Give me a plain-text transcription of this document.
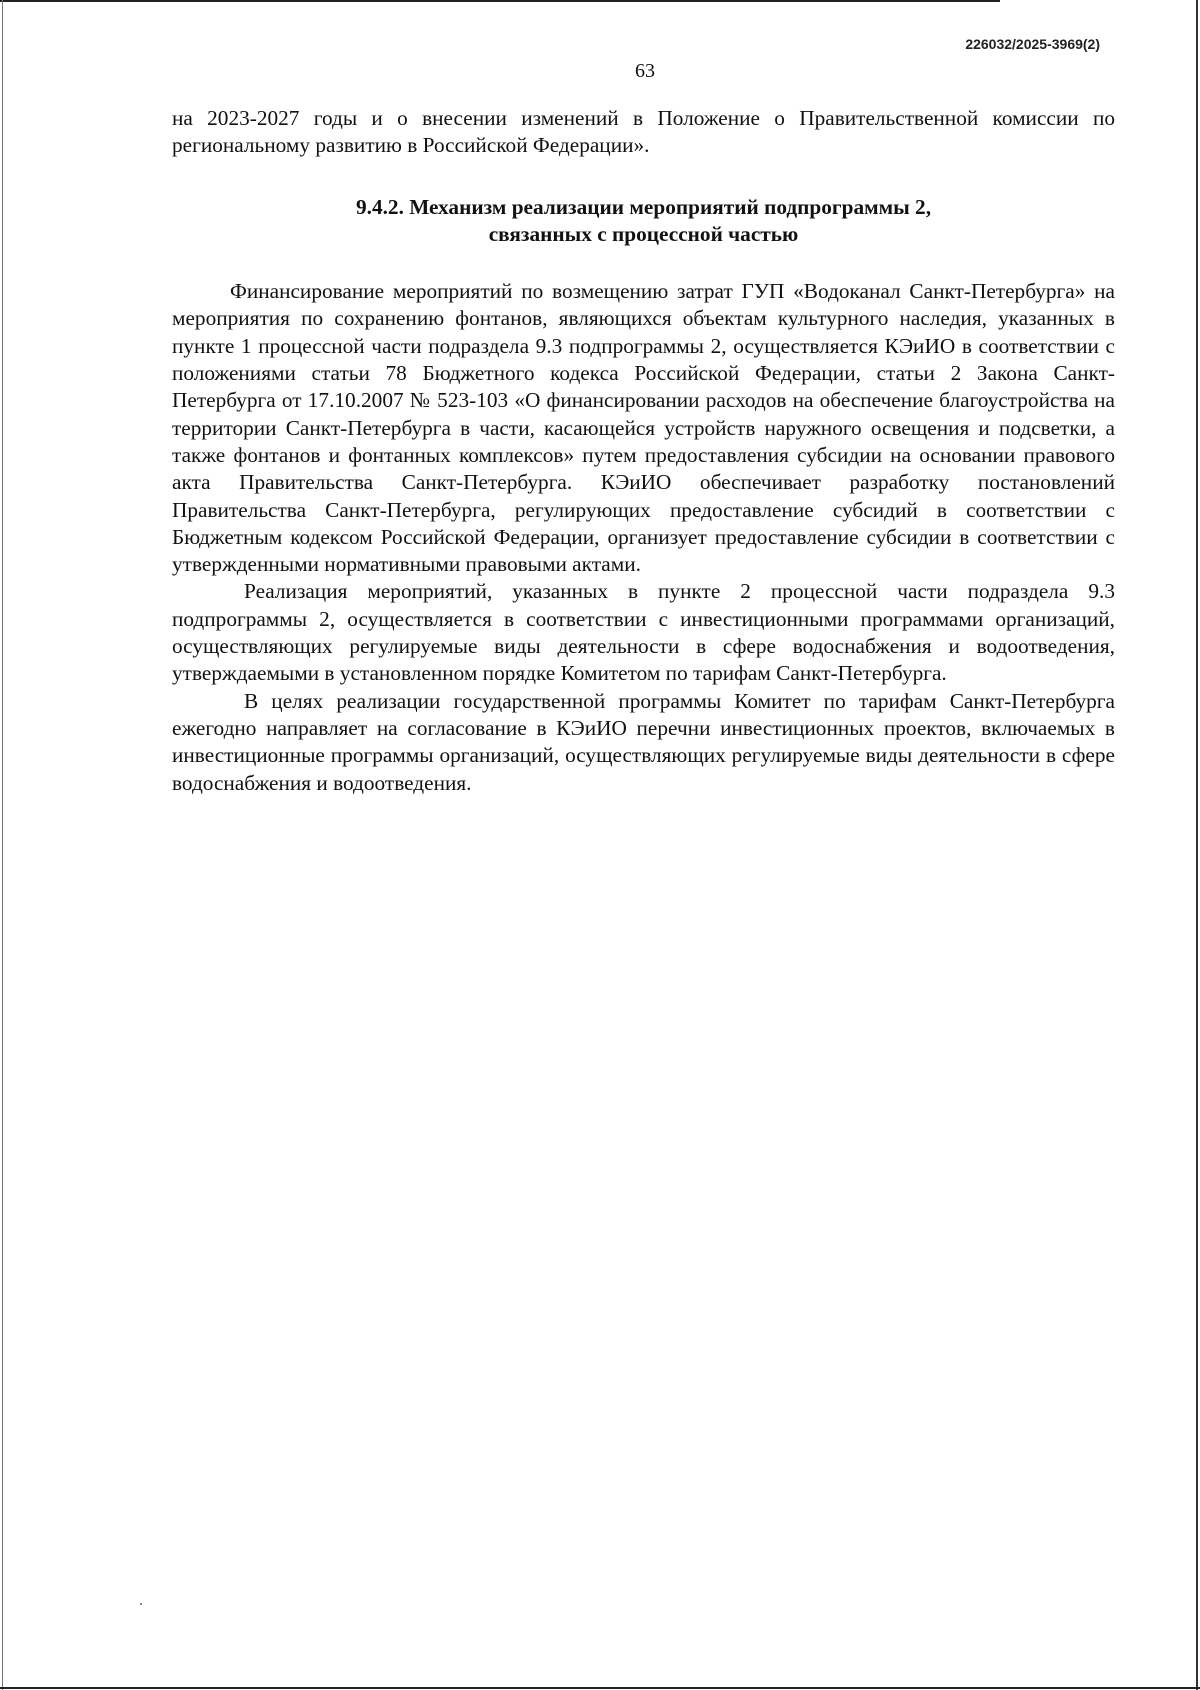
226032/2025-3969(2)
63

на 2023-2027 годы и о внесении изменений в Положение о Правительственной комиссии по региональному развитию в Российской Федерации».

9.4.2. Механизм реализации мероприятий подпрограммы 2,
связанных с процессной частью

Финансирование мероприятий по возмещению затрат ГУП «Водоканал Санкт-Петербурга» на мероприятия по сохранению фонтанов, являющихся объектам культурного наследия, указанных в пункте 1 процессной части подраздела 9.3 подпрограммы 2, осуществляется КЭиИО в соответствии с положениями статьи 78 Бюджетного кодекса Российской Федерации, статьи 2 Закона Санкт-Петербурга от 17.10.2007 № 523-103 «О финансировании расходов на обеспечение благоустройства на территории Санкт-Петербурга в части, касающейся устройств наружного освещения и подсветки, а также фонтанов и фонтанных комплексов» путем предоставления субсидии на основании правового акта Правительства Санкт-Петербурга. КЭиИО обеспечивает разработку постановлений Правительства Санкт-Петербурга, регулирующих предоставление субсидий в соответствии с Бюджетным кодексом Российской Федерации, организует предоставление субсидии в соответствии с утвержденными нормативными правовыми актами.

Реализация мероприятий, указанных в пункте 2 процессной части подраздела 9.3 подпрограммы 2, осуществляется в соответствии с инвестиционными программами организаций, осуществляющих регулируемые виды деятельности в сфере водоснабжения и водоотведения, утверждаемыми в установленном порядке Комитетом по тарифам Санкт-Петербурга.

В целях реализации государственной программы Комитет по тарифам Санкт-Петербурга ежегодно направляет на согласование в КЭиИО перечни инвестиционных проектов, включаемых в инвестиционные программы организаций, осуществляющих регулируемые виды деятельности в сфере водоснабжения и водоотведения.
